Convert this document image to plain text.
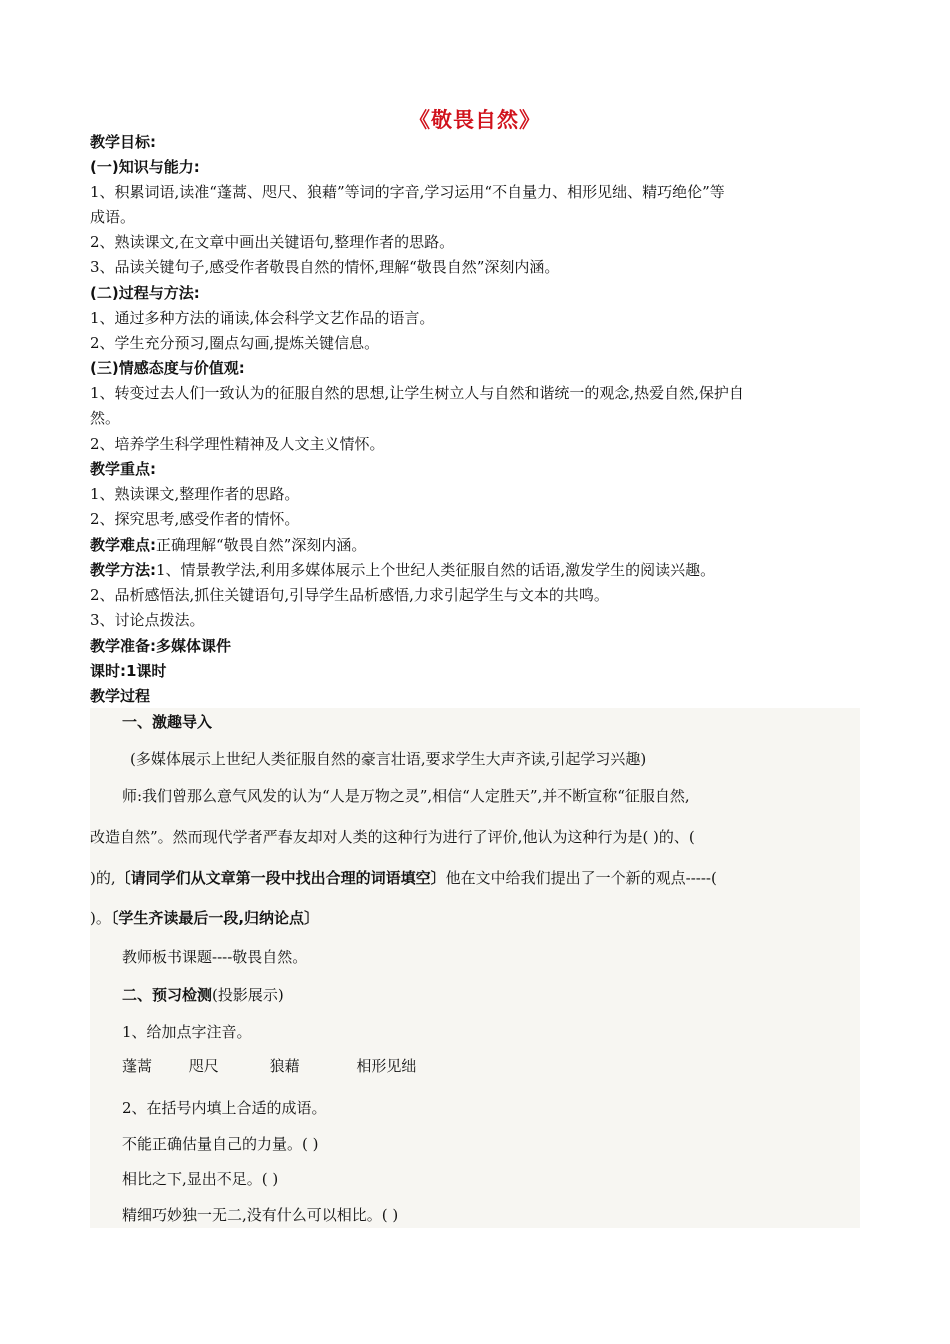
《敬畏自然》
教学目标:
(一)知识与能力:
1、积累词语,读准“蓬蒿、咫尺、狼藉”等词的字音,学习运用“不自量力、相形见绌、精巧绝伦”等
成语。
2、熟读课文,在文章中画出关键语句,整理作者的思路。
3、品读关键句子,感受作者敬畏自然的情怀,理解“敬畏自然”深刻内涵。
(二)过程与方法:
1、通过多种方法的诵读,体会科学文艺作品的语言。
2、学生充分预习,圈点勾画,提炼关键信息。
(三)情感态度与价值观:
1、转变过去人们一致认为的征服自然的思想,让学生树立人与自然和谐统一的观念,热爱自然,保护自
然。
2、培养学生科学理性精神及人文主义情怀。
教学重点:
1、熟读课文,整理作者的思路。
2、探究思考,感受作者的情怀。
教学难点:正确理解“敬畏自然”深刻内涵。
教学方法:1、情景教学法,利用多媒体展示上个世纪人类征服自然的话语,激发学生的阅读兴趣。
2、品析感悟法,抓住关键语句,引导学生品析感悟,力求引起学生与文本的共鸣。
3、讨论点拨法。
教学准备:多媒体课件
课时:1课时
教学过程
一、激趣导入
(多媒体展示上世纪人类征服自然的豪言壮语,要求学生大声齐读,引起学习兴趣)
师:我们曾那么意气风发的认为“人是万物之灵”,相信“人定胜天”,并不断宣称“征服自然,
改造自然”。然而现代学者严春友却对人类的这种行为进行了评价,他认为这种行为是( )的、(
)的,〔请同学们从文章第一段中找出合理的词语填空〕他在文中给我们提出了一个新的观点-----(
)。〔学生齐读最后一段,归纳论点〕
教师板书课题----敬畏自然。
二、预习检测(投影展示)
1、给加点字注音。
蓬蒿 咫尺	狼藉	相形见绌
2、在括号内填上合适的成语。
不能正确估量自己的力量。( )
相比之下,显出不足。( )
精细巧妙独一无二,没有什么可以相比。( )
